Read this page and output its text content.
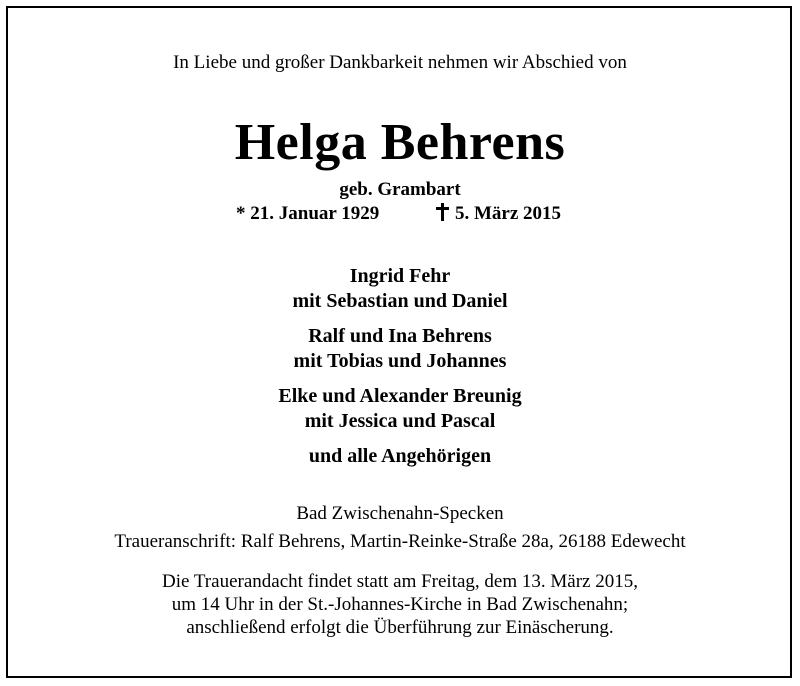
In Liebe und großer Dankbarkeit nehmen wir Abschied von
Helga Behrens
geb. Grambart
* 21. Januar 1929	5. März 2015
Ingrid Fehr
mit Sebastian und Daniel
Ralf und Ina Behrens
mit Tobias und Johannes
Elke und Alexander Breunig
mit Jessica und Pascal
und alle Angehörigen
Bad Zwischenahn-Specken
Traueranschrift: Ralf Behrens, Martin-Reinke-Straße 28a, 26188 Edewecht
Die Trauerandacht findet statt am Freitag, dem 13. März 2015,
um 14 Uhr in der St.-Johannes-Kirche in Bad Zwischenahn;
anschließend erfolgt die Überführung zur Einäscherung.
